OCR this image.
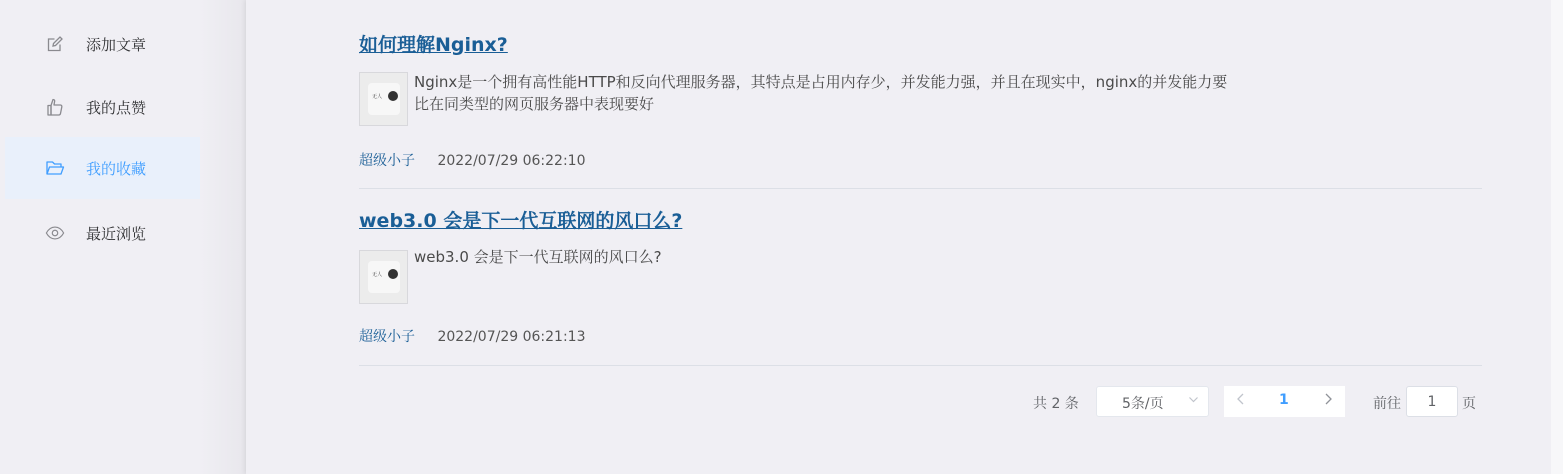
添加文章
我的点赞
我的收藏
最近浏览
如何理解Nginx?
无人
Nginx是一个拥有高性能HTTP和反向代理服务器，其特点是占用内存少，并发能力强，并且在现实中，nginx的并发能力要比在同类型的网页服务器中表现要好
超级小子 2022/07/29 06:22:10
web3.0 会是下一代互联网的风口么?
无人
web3.0 会是下一代互联网的风口么?
超级小子 2022/07/29 06:21:13
共 2 条	5条/页	1	前往
1	页
